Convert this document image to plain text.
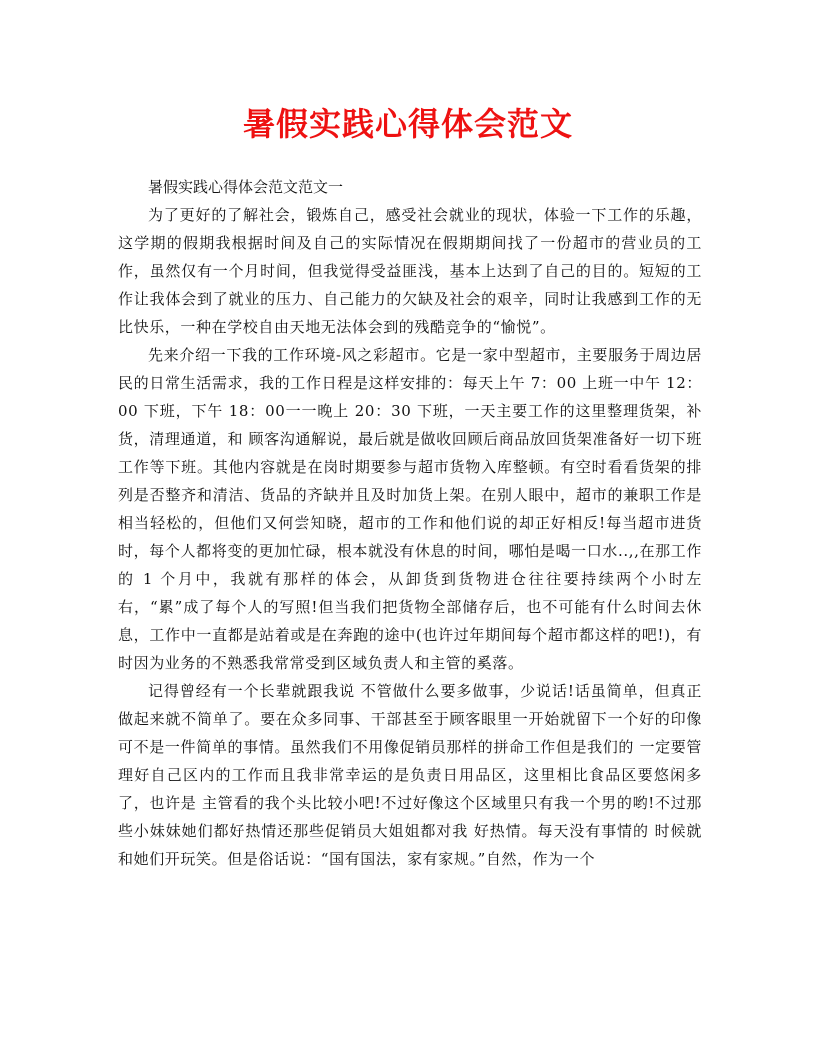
暑假实践心得体会范文

暑假实践心得体会范文范文一

为了更好的了解社会，锻炼自己，感受社会就业的现状，体验一下工作的乐趣，这学期的假期我根据时间及自己的实际情况在假期期间找了一份超市的营业员的工作，虽然仅有一个月时间，但我觉得受益匪浅，基本上达到了自己的目的。短短的工作让我体会到了就业的压力、自己能力的欠缺及社会的艰辛，同时让我感到工作的无比快乐，一种在学校自由天地无法体会到的残酷竞争的“愉悦”。

先来介绍一下我的工作环境-风之彩超市。它是一家中型超市，主要服务于周边居民的日常生活需求，我的工作日程是这样安排的：每天上午 7：00 上班一中午 12：00 下班，下午 18：00一一晚上 20：30 下班，一天主要工作的这里整理货架，补货，清理通道，和 顾客沟通解说，最后就是做收回顾后商品放回货架准备好一切下班工作等下班。其他内容就是在岗时期要参与超市货物入库整顿。有空时看看货架的排列是否整齐和清洁、货品的齐缺并且及时加货上架。在别人眼中，超市的兼职工作是相当轻松的，但他们又何尝知晓，超市的工作和他们说的却正好相反!每当超市进货时，每个人都将变的更加忙碌，根本就没有休息的时间，哪怕是喝一口水..,,在那工作的 1 个月中，我就有那样的体会，从卸货到货物进仓往往要持续两个小时左右，“累”成了每个人的写照!但当我们把货物全部储存后，也不可能有什么时间去休息，工作中一直都是站着或是在奔跑的途中(也许过年期间每个超市都这样的吧!)，有时因为业务的不熟悉我常常受到区域负责人和主管的奚落。

记得曾经有一个长辈就跟我说 不管做什么要多做事，少说话!话虽简单，但真正做起来就不简单了。要在众多同事、干部甚至于顾客眼里一开始就留下一个好的印像可不是一件简单的事情。虽然我们不用像促销员那样的拼命工作但是我们的 一定要管理好自己区内的工作而且我非常幸运的是负责日用品区，这里相比食品区要悠闲多了，也许是 主管看的我个头比较小吧!不过好像这个区域里只有我一个男的哟!不过那些小妹妹她们都好热情还那些促销员大姐姐都对我 好热情。每天没有事情的 时候就和她们开玩笑。但是俗话说：“国有国法，家有家规。”自然，作为一个
